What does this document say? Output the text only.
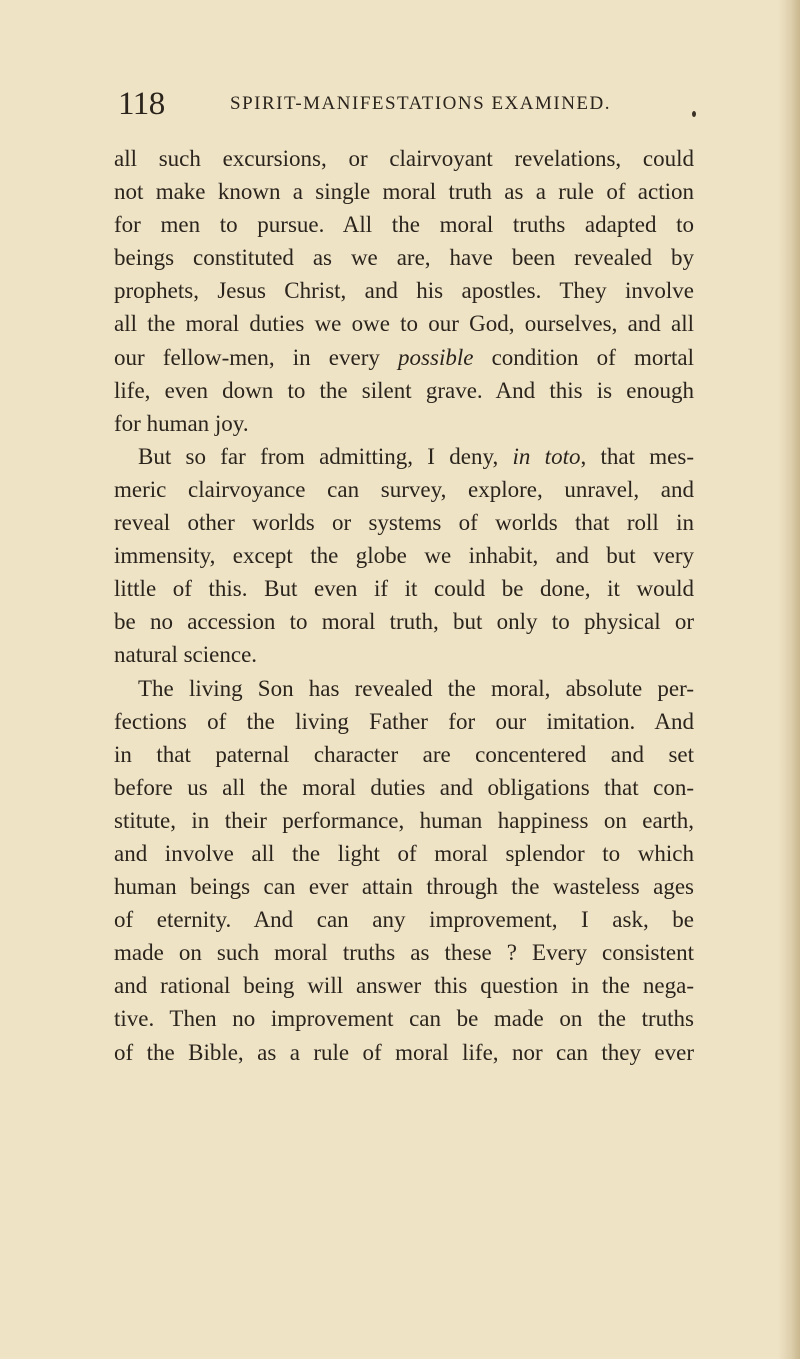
118	SPIRIT-MANIFESTATIONS EXAMINED.
all such excursions, or clairvoyant revelations, could
not make known a single moral truth as a rule of action
for men to pursue. All the moral truths adapted to
beings constituted as we are, have been revealed by
prophets, Jesus Christ, and his apostles. They involve
all the moral duties we owe to our God, ourselves, and all
our fellow-men, in every possible condition of mortal
life, even down to the silent grave. And this is enough
for human joy.
But so far from admitting, I deny, in toto, that mes-
meric clairvoyance can survey, explore, unravel, and
reveal other worlds or systems of worlds that roll in
immensity, except the globe we inhabit, and but very
little of this. But even if it could be done, it would
be no accession to moral truth, but only to physical or
natural science.
The living Son has revealed the moral, absolute per-
fections of the living Father for our imitation. And
in that paternal character are concentered and set
before us all the moral duties and obligations that con-
stitute, in their performance, human happiness on earth,
and involve all the light of moral splendor to which
human beings can ever attain through the wasteless ages
of eternity. And can any improvement, I ask, be
made on such moral truths as these ? Every consistent
and rational being will answer this question in the nega-
tive. Then no improvement can be made on the truths
of the Bible, as a rule of moral life, nor can they ever
